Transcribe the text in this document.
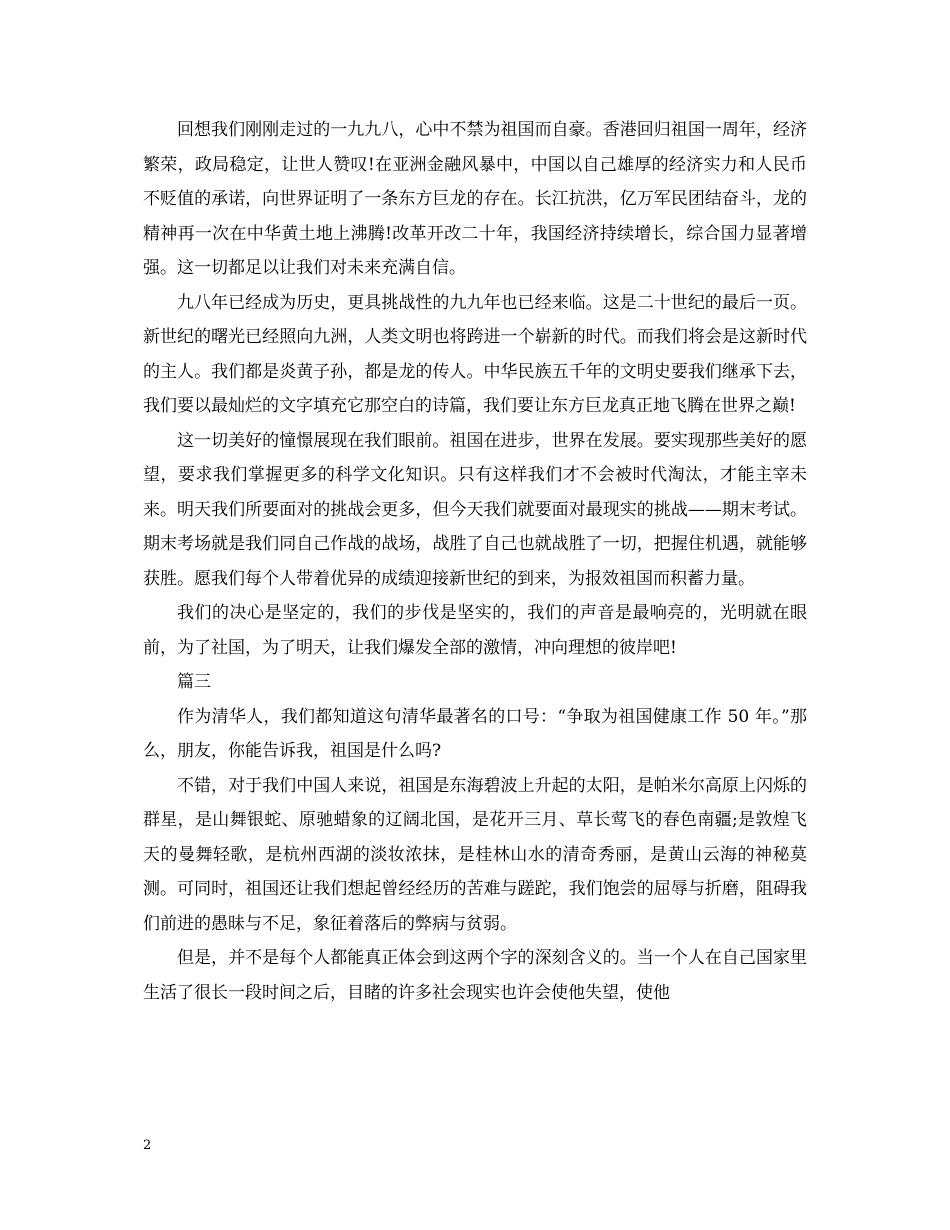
回想我们刚刚走过的一九九八，心中不禁为祖国而自豪。香港回归祖国一周年，经济繁荣，政局稳定，让世人赞叹!在亚洲金融风暴中，中国以自己雄厚的经济实力和人民币不贬值的承诺，向世界证明了一条东方巨龙的存在。长江抗洪，亿万军民团结奋斗，龙的精神再一次在中华黄土地上沸腾!改革开改二十年，我国经济持续增长，综合国力显著增强。这一切都足以让我们对未来充满自信。

九八年已经成为历史，更具挑战性的九九年也已经来临。这是二十世纪的最后一页。新世纪的曙光已经照向九洲，人类文明也将跨进一个崭新的时代。而我们将会是这新时代的主人。我们都是炎黄子孙，都是龙的传人。中华民族五千年的文明史要我们继承下去，我们要以最灿烂的文字填充它那空白的诗篇，我们要让东方巨龙真正地飞腾在世界之巅!

这一切美好的憧憬展现在我们眼前。祖国在进步，世界在发展。要实现那些美好的愿望，要求我们掌握更多的科学文化知识。只有这样我们才不会被时代淘汰，才能主宰未来。明天我们所要面对的挑战会更多，但今天我们就要面对最现实的挑战——期末考试。期末考场就是我们同自己作战的战场，战胜了自己也就战胜了一切，把握住机遇，就能够获胜。愿我们每个人带着优异的成绩迎接新世纪的到来，为报效祖国而积蓄力量。

我们的决心是坚定的，我们的步伐是坚实的，我们的声音是最响亮的，光明就在眼前，为了社国，为了明天，让我们爆发全部的激情，冲向理想的彼岸吧!

篇三

作为清华人，我们都知道这句清华最著名的口号：“争取为祖国健康工作 50 年。”那么，朋友，你能告诉我，祖国是什么吗?

不错，对于我们中国人来说，祖国是东海碧波上升起的太阳，是帕米尔高原上闪烁的群星，是山舞银蛇、原驰蜡象的辽阔北国，是花开三月、草长莺飞的春色南疆;是敦煌飞天的曼舞轻歌，是杭州西湖的淡妆浓抹，是桂林山水的清奇秀丽，是黄山云海的神秘莫测。可同时，祖国还让我们想起曾经经历的苦难与蹉跎，我们饱尝的屈辱与折磨，阻碍我们前进的愚昧与不足，象征着落后的弊病与贫弱。

但是，并不是每个人都能真正体会到这两个字的深刻含义的。当一个人在自己国家里生活了很长一段时间之后，目睹的许多社会现实也许会使他失望，使他

2
